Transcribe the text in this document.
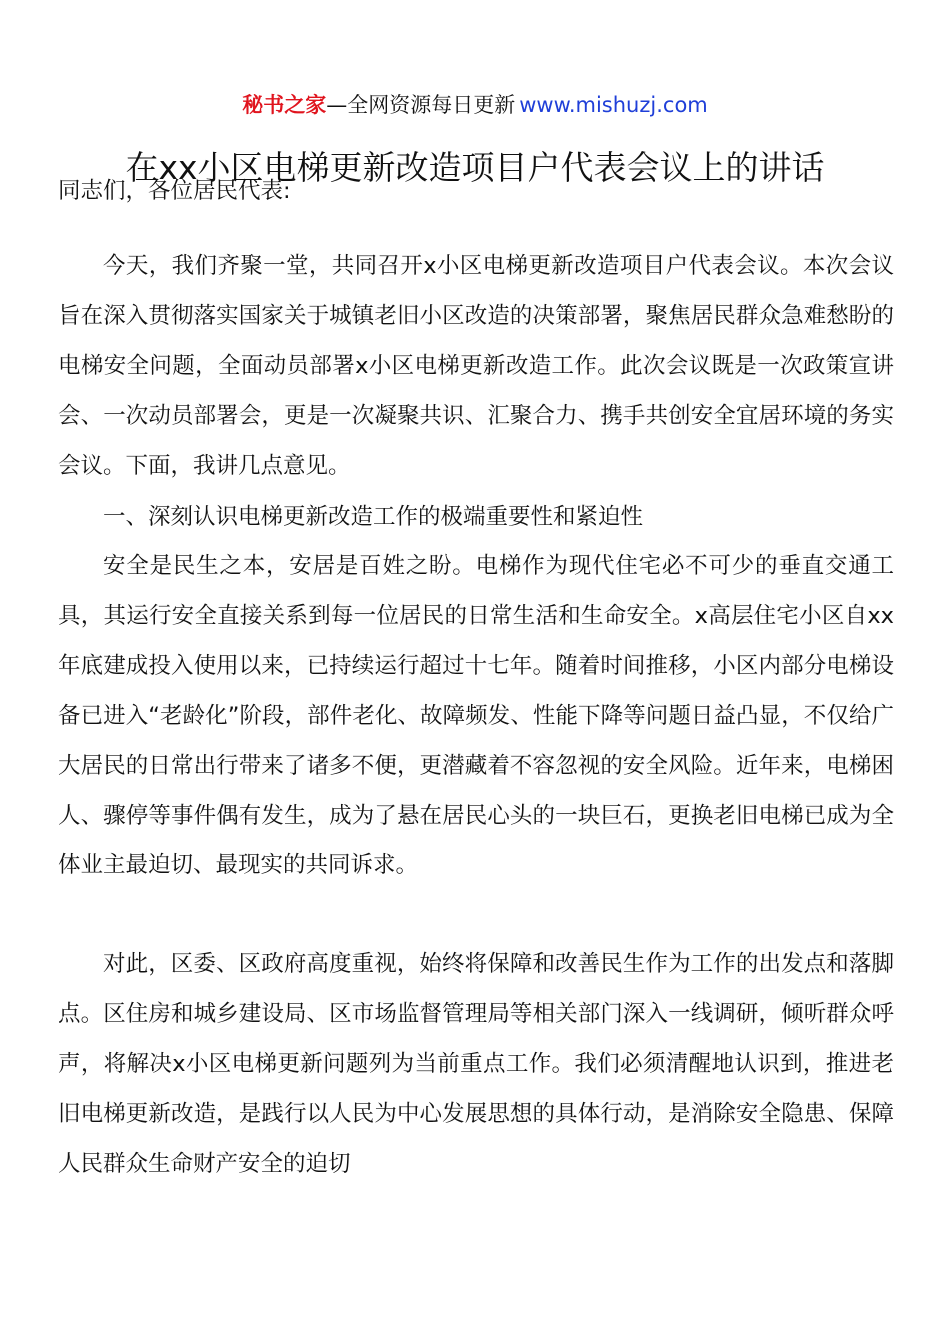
秘书之家—全网资源每日更新 www.mishuzj.com
在xx小区电梯更新改造项目户代表会议上的讲话
同志们，各位居民代表:

今天，我们齐聚一堂，共同召开x小区电梯更新改造项目户代表会议。本次会议旨在深入贯彻落实国家关于城镇老旧小区改造的决策部署，聚焦居民群众急难愁盼的电梯安全问题，全面动员部署x小区电梯更新改造工作。此次会议既是一次政策宣讲会、一次动员部署会，更是一次凝聚共识、汇聚合力、携手共创安全宜居环境的务实会议。下面，我讲几点意见。

一、深刻认识电梯更新改造工作的极端重要性和紧迫性

安全是民生之本，安居是百姓之盼。电梯作为现代住宅必不可少的垂直交通工具，其运行安全直接关系到每一位居民的日常生活和生命安全。x高层住宅小区自xx年底建成投入使用以来，已持续运行超过十七年。随着时间推移，小区内部分电梯设备已进入“老龄化”阶段，部件老化、故障频发、性能下降等问题日益凸显，不仅给广大居民的日常出行带来了诸多不便，更潜藏着不容忽视的安全风险。近年来，电梯困人、骤停等事件偶有发生，成为了悬在居民心头的一块巨石，更换老旧电梯已成为全体业主最迫切、最现实的共同诉求。

对此，区委、区政府高度重视，始终将保障和改善民生作为工作的出发点和落脚点。区住房和城乡建设局、区市场监督管理局等相关部门深入一线调研，倾听群众呼声，将解决x小区电梯更新问题列为当前重点工作。我们必须清醒地认识到，推进老旧电梯更新改造，是践行以人民为中心发展思想的具体行动，是消除安全隐患、保障人民群众生命财产安全的迫切
